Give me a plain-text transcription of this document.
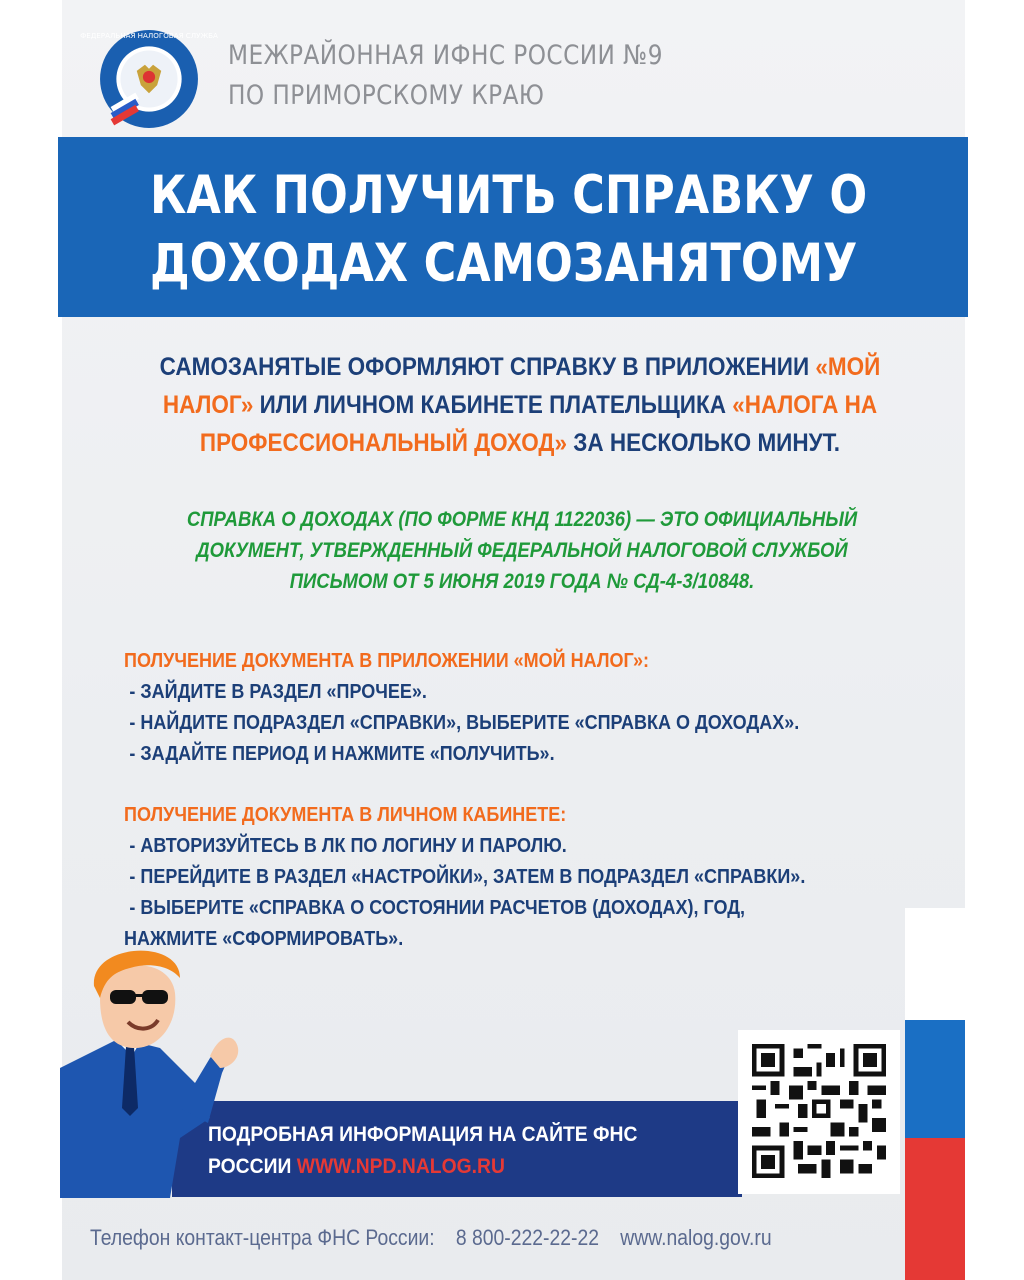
ФЕДЕРАЛЬНАЯ НАЛОГОВАЯ СЛУЖБА
МЕЖРАЙОННАЯ ИФНС РОССИИ №9
ПО ПРИМОРСКОМУ КРАЮ
КАК ПОЛУЧИТЬ СПРАВКУ О
ДОХОДАХ САМОЗАНЯТОМУ
САМОЗАНЯТЫЕ ОФОРМЛЯЮТ СПРАВКУ В ПРИЛОЖЕНИИ «МОЙ
НАЛОГ» ИЛИ ЛИЧНОМ КАБИНЕТЕ ПЛАТЕЛЬЩИКА «НАЛОГА НА
ПРОФЕССИОНАЛЬНЫЙ ДОХОД» ЗА НЕСКОЛЬКО МИНУТ.
СПРАВКА О ДОХОДАХ (ПО ФОРМЕ КНД 1122036) — ЭТО ОФИЦИАЛЬНЫЙ
ДОКУМЕНТ, УТВЕРЖДЕННЫЙ ФЕДЕРАЛЬНОЙ НАЛОГОВОЙ СЛУЖБОЙ
ПИСЬМОМ ОТ 5 ИЮНЯ 2019 ГОДА № СД-4-3/10848.
ПОЛУЧЕНИЕ ДОКУМЕНТА В ПРИЛОЖЕНИИ «МОЙ НАЛОГ»:
- ЗАЙДИТЕ В РАЗДЕЛ «ПРОЧЕЕ».
- НАЙДИТЕ ПОДРАЗДЕЛ «СПРАВКИ», ВЫБЕРИТЕ «СПРАВКА О ДОХОДАХ».
- ЗАДАЙТЕ ПЕРИОД И НАЖМИТЕ «ПОЛУЧИТЬ».
ПОЛУЧЕНИЕ ДОКУМЕНТА В ЛИЧНОМ КАБИНЕТЕ:
- АВТОРИЗУЙТЕСЬ В ЛК ПО ЛОГИНУ И ПАРОЛЮ.
- ПЕРЕЙДИТЕ В РАЗДЕЛ «НАСТРОЙКИ», ЗАТЕМ В ПОДРАЗДЕЛ «СПРАВКИ».
- ВЫБЕРИТЕ «СПРАВКА О СОСТОЯНИИ РАСЧЕТОВ (ДОХОДАХ), ГОД,
НАЖМИТЕ «СФОРМИРОВАТЬ».
ПОДРОБНАЯ ИНФОРМАЦИЯ НА САЙТЕ ФНС
РОССИИ WWW.NPD.NALOG.RU
Телефон контакт-центра ФНС России: 8 800-222-22-22 www.nalog.gov.ru
